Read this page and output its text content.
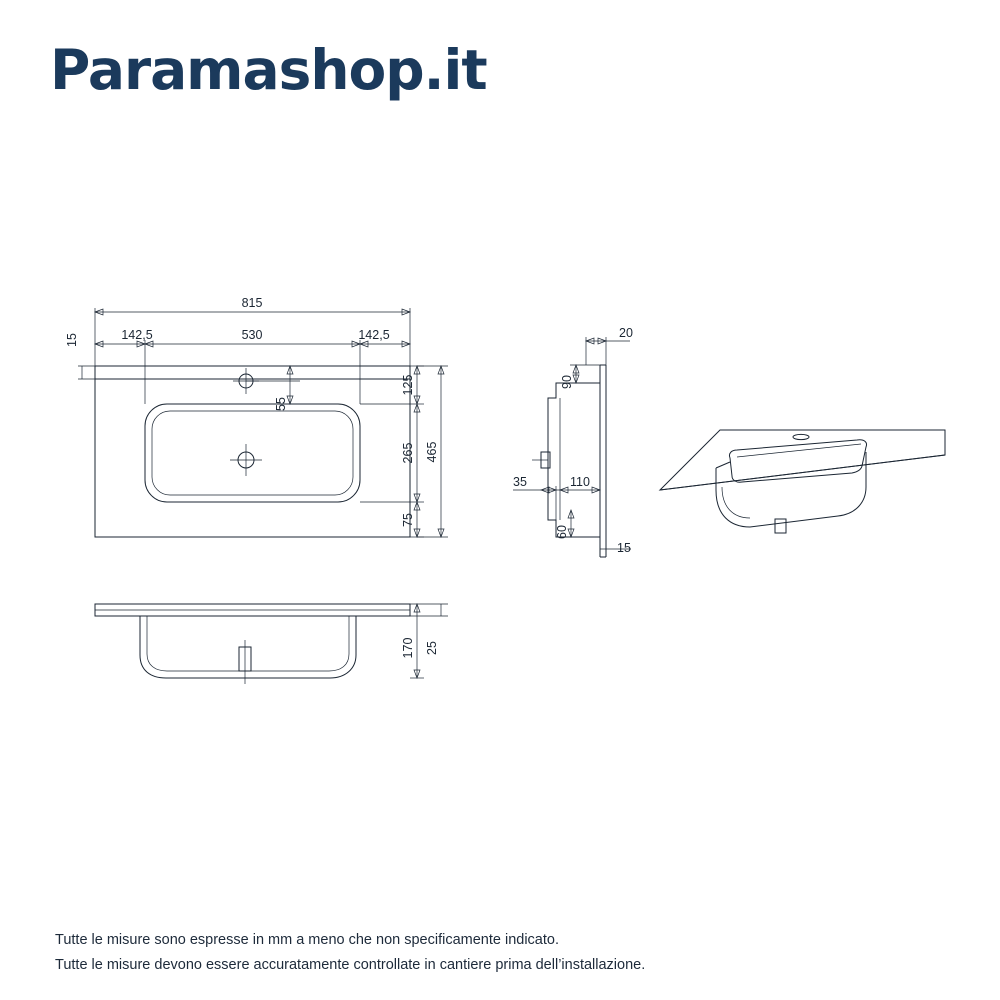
Paramashop.it
815
142,5	530	142,5
15
55
125
265
75
465
20
90
35	110
60
15
170 25
Tutte le misure sono espresse in mm a meno che non specificamente indicato.
Tutte le misure devono essere accuratamente controllate in cantiere prima dell’installazione.
